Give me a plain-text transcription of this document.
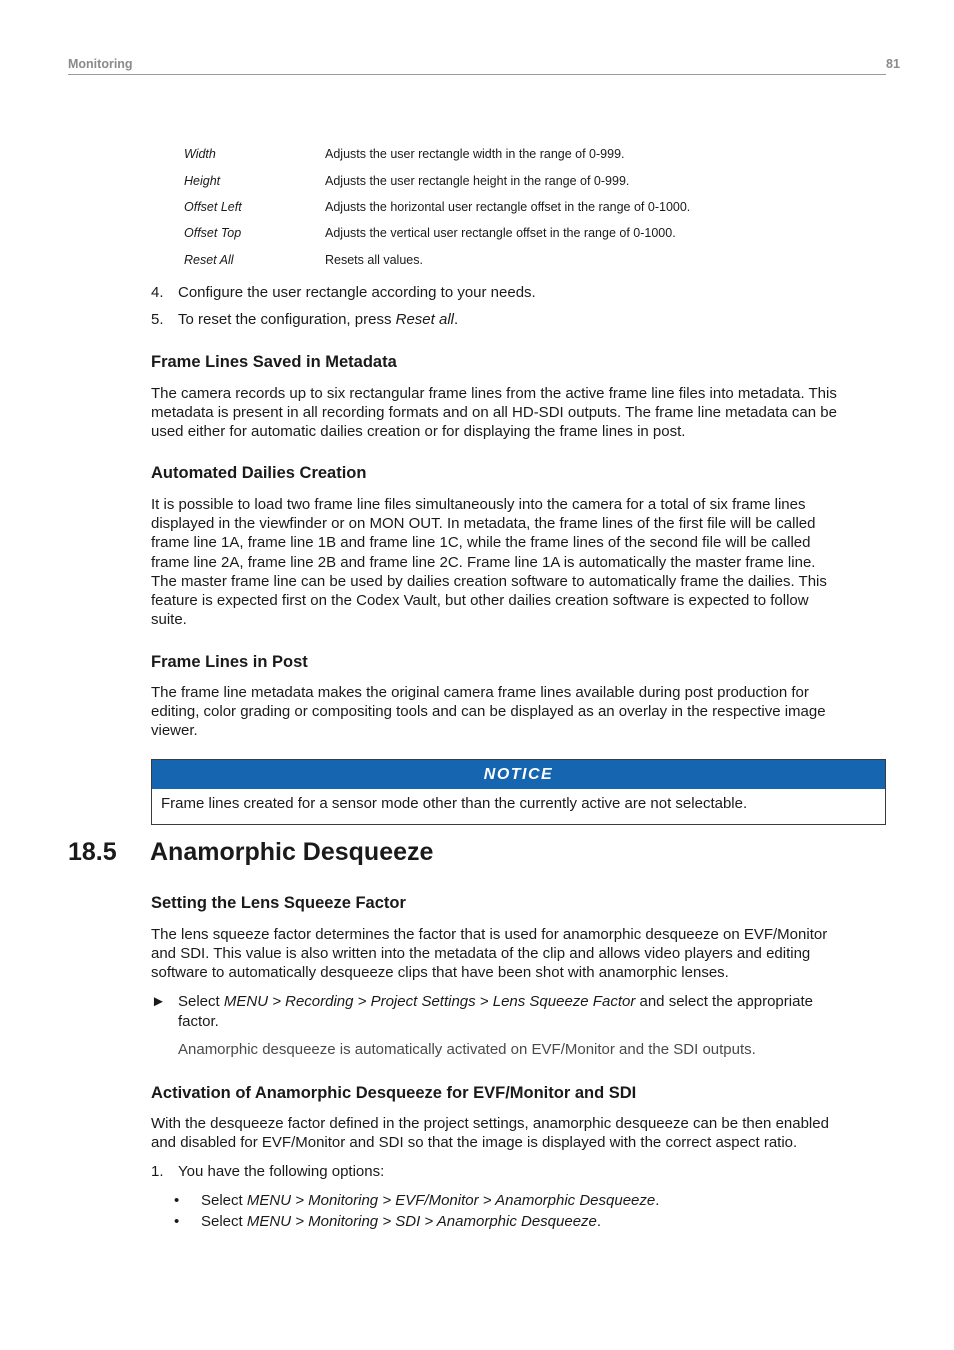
Monitoring	81
Width	Adjusts the user rectangle width in the range of 0-999.
Height	Adjusts the user rectangle height in the range of 0-999.
Offset Left	Adjusts the horizontal user rectangle offset in the range of 0-1000.
Offset Top	Adjusts the vertical user rectangle offset in the range of 0-1000.
Reset All	Resets all values.
4. Configure the user rectangle according to your needs.
5. To reset the configuration, press Reset all.
Frame Lines Saved in Metadata
The camera records up to six rectangular frame lines from the active frame line files into metadata. This
metadata is present in all recording formats and on all HD-SDI outputs. The frame line metadata can be
used either for automatic dailies creation or for displaying the frame lines in post.
Automated Dailies Creation
It is possible to load two frame line files simultaneously into the camera for a total of six frame lines
displayed in the viewfinder or on MON OUT. In metadata, the frame lines of the first file will be called
frame line 1A, frame line 1B and frame line 1C, while the frame lines of the second file will be called
frame line 2A, frame line 2B and frame line 2C. Frame line 1A is automatically the master frame line.
The master frame line can be used by dailies creation software to automatically frame the dailies. This
feature is expected first on the Codex Vault, but other dailies creation software is expected to follow
suite.
Frame Lines in Post
The frame line metadata makes the original camera frame lines available during post production for
editing, color grading or compositing tools and can be displayed as an overlay in the respective image
viewer.
NOTICE
Frame lines created for a sensor mode other than the currently active are not selectable.
18.5 Anamorphic Desqueeze
Setting the Lens Squeeze Factor
The lens squeeze factor determines the factor that is used for anamorphic desqueeze on EVF/Monitor
and SDI. This value is also written into the metadata of the clip and allows video players and editing
software to automatically desqueeze clips that have been shot with anamorphic lenses.
► Select MENU > Recording > Project Settings > Lens Squeeze Factor and select the appropriate
factor.
Anamorphic desqueeze is automatically activated on EVF/Monitor and the SDI outputs.
Activation of Anamorphic Desqueeze for EVF/Monitor and SDI
With the desqueeze factor defined in the project settings, anamorphic desqueeze can be then enabled
and disabled for EVF/Monitor and SDI so that the image is displayed with the correct aspect ratio.
1. You have the following options:
• Select MENU > Monitoring > EVF/Monitor > Anamorphic Desqueeze.
• Select MENU > Monitoring > SDI > Anamorphic Desqueeze.
